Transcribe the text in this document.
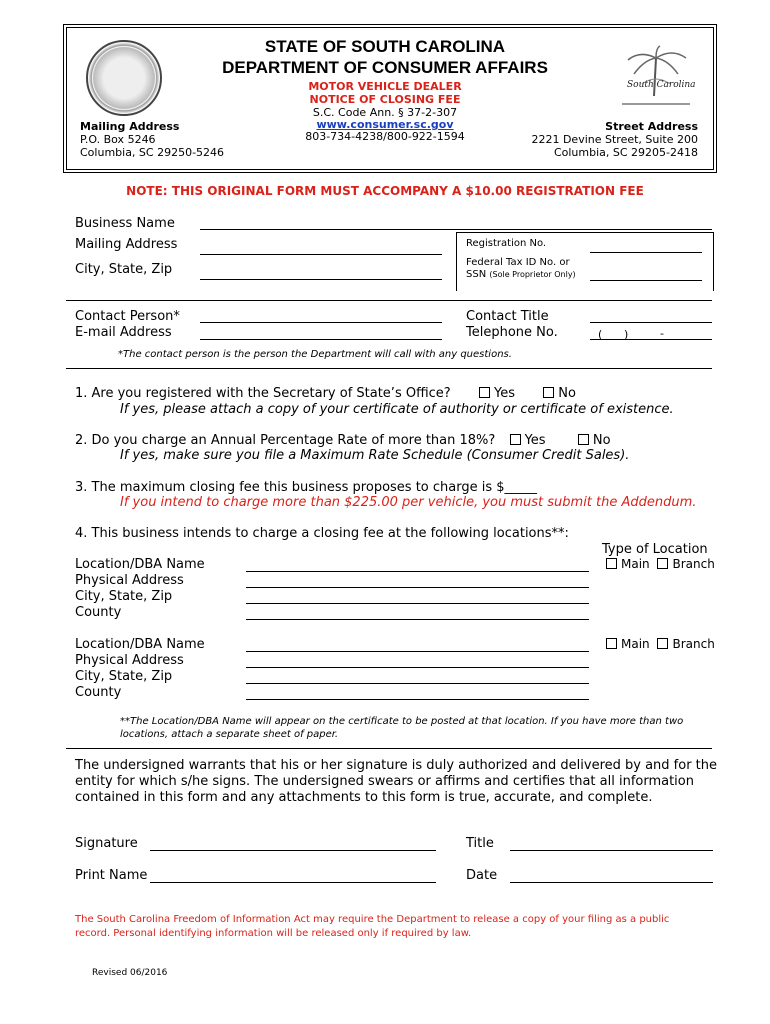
South Carolina
STATE OF SOUTH CAROLINA
DEPARTMENT OF CONSUMER AFFAIRS
MOTOR VEHICLE DEALER
NOTICE OF CLOSING FEE
S.C. Code Ann. § 37-2-307
www.consumer.sc.gov
803-734-4238/800-922-1594
Mailing Address
P.O. Box 5246
Columbia, SC 29250-5246
Street Address
2221 Devine Street, Suite 200
Columbia, SC 29205-2418
NOTE: THIS ORIGINAL FORM MUST ACCOMPANY A $10.00 REGISTRATION FEE
Business Name
Mailing Address
City, State, Zip
Registration No.
Federal Tax ID No. or
SSN (Sole Proprietor Only)
Contact Person*
E-mail Address
Contact Title
Telephone No.	( )	-
*The contact person is the person the Department will call with any questions.
1. Are you registered with the Secretary of State’s Office?	Yes	No
If yes, please attach a copy of your certificate of authority or certificate of existence.
2. Do you charge an Annual Percentage Rate of more than 18%? Yes	No
If yes, make sure you file a Maximum Rate Schedule (Consumer Credit Sales).
3. The maximum closing fee this business proposes to charge is $_____
If you intend to charge more than $225.00 per vehicle, you must submit the Addendum.
4. This business intends to charge a closing fee at the following locations**:
Type of Location
Location/DBA Name
Physical Address
City, State, Zip
County
Main Branch
Location/DBA Name
Physical Address
City, State, Zip
County
Main Branch
**The Location/DBA Name will appear on the certificate to be posted at that location. If you have more than two
locations, attach a separate sheet of paper.
The undersigned warrants that his or her signature is duly authorized and delivered by and for the
entity for which s/he signs. The undersigned swears or affirms and certifies that all information
contained in this form and any attachments to this form is true, accurate, and complete.
Signature	Title
Print Name	Date
The South Carolina Freedom of Information Act may require the Department to release a copy of your filing as a public
record. Personal identifying information will be released only if required by law.
Revised 06/2016
